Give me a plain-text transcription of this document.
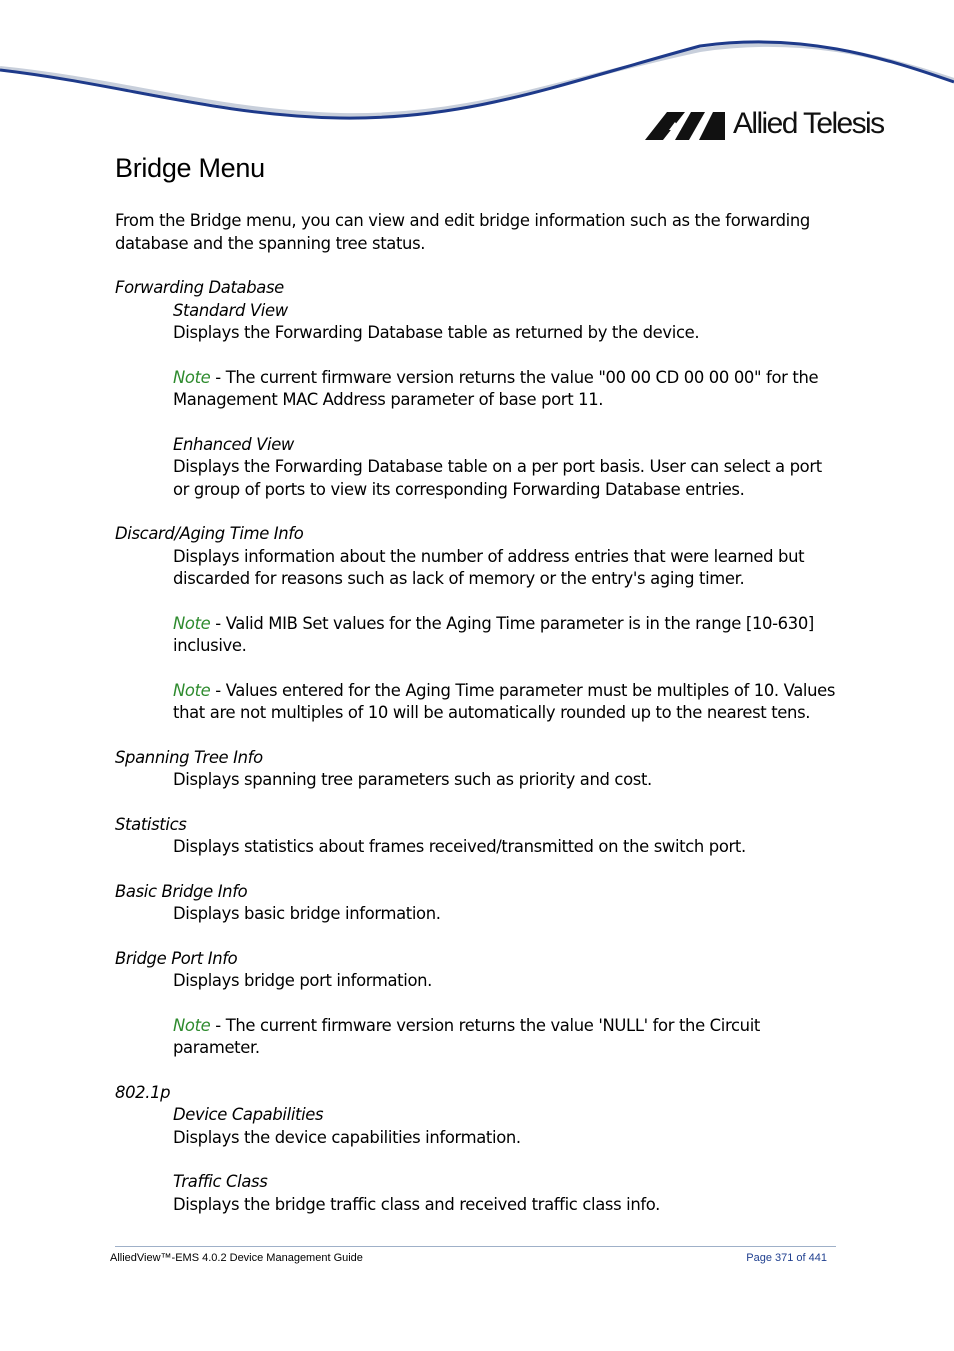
Allied Telesis
Bridge Menu

From the Bridge menu, you can view and edit bridge information such as the forwarding database and the spanning tree status.

Forwarding Database

Standard View

Displays the Forwarding Database table as returned by the device.

Note - The current firmware version returns the value "00 00 CD 00 00 00" for the Management MAC Address parameter of base port 11.

Enhanced View

Displays the Forwarding Database table on a per port basis. User can select a port or group of ports to view its corresponding Forwarding Database entries.

Discard/Aging Time Info

Displays information about the number of address entries that were learned but discarded for reasons such as lack of memory or the entry's aging timer.

Note - Valid MIB Set values for the Aging Time parameter is in the range [10-630] inclusive.

Note - Values entered for the Aging Time parameter must be multiples of 10. Values that are not multiples of 10 will be automatically rounded up to the nearest tens.

Spanning Tree Info

Displays spanning tree parameters such as priority and cost.

Statistics

Displays statistics about frames received/transmitted on the switch port.

Basic Bridge Info

Displays basic bridge information.

Bridge Port Info

Displays bridge port information.

Note - The current firmware version returns the value 'NULL' for the Circuit parameter.

802.1p

Device Capabilities

Displays the device capabilities information.

Traffic Class

Displays the bridge traffic class and received traffic class info.

AlliedView™-EMS 4.0.2 Device Management Guide	Page 371 of 441
